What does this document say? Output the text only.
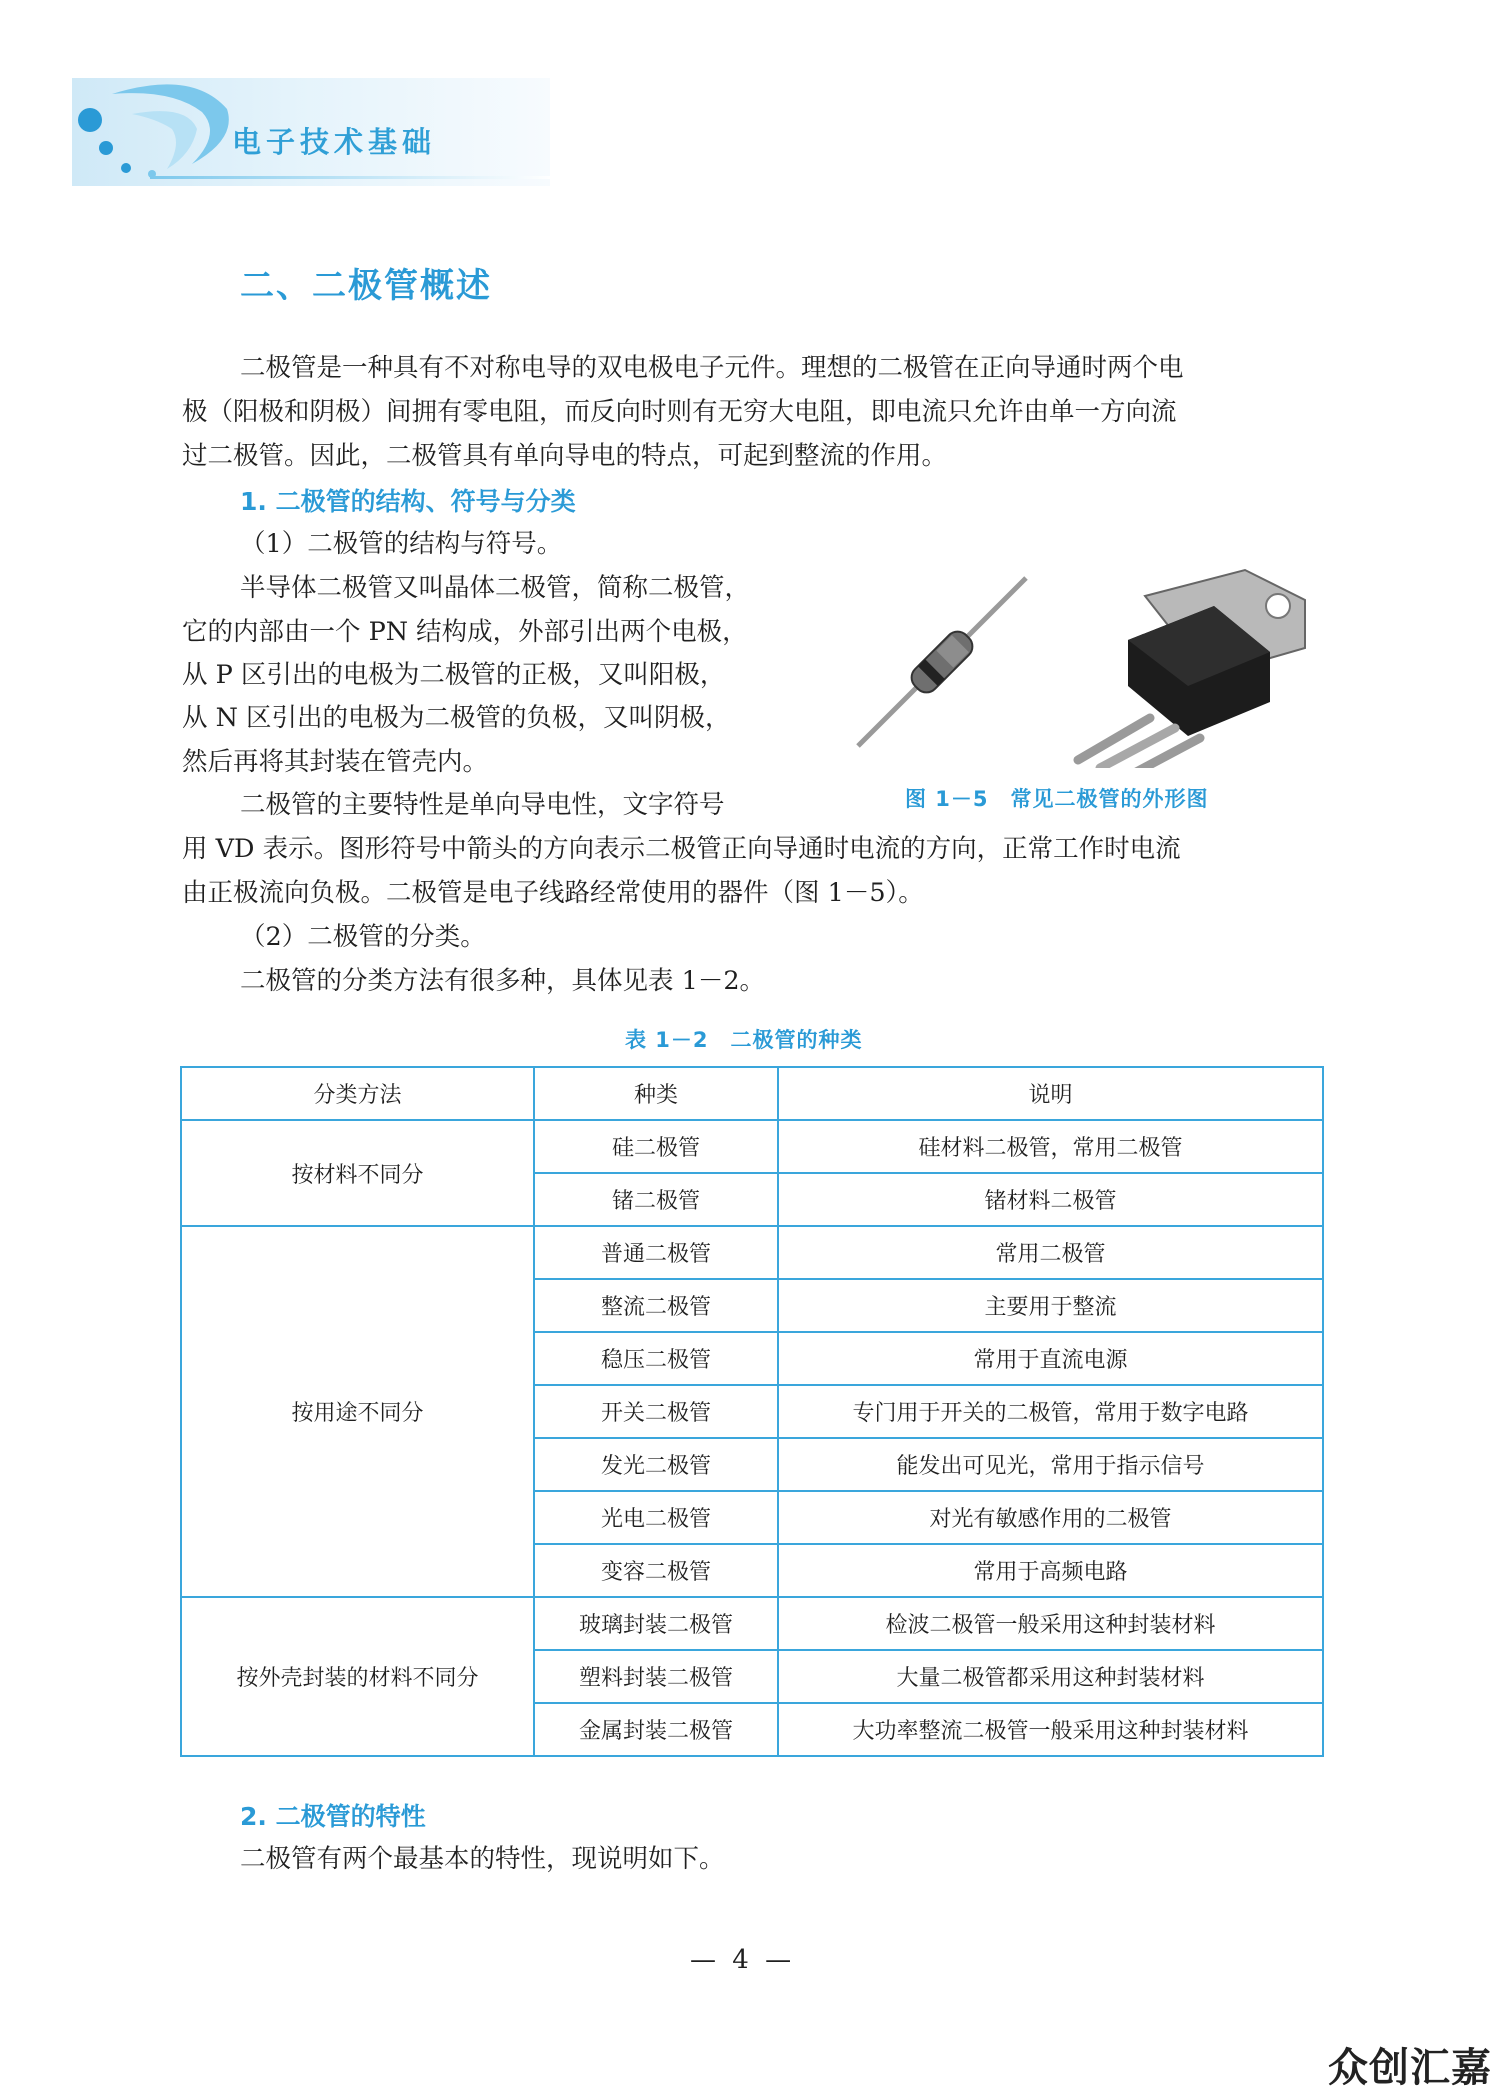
电子技术基础
二、二极管概述
二极管是一种具有不对称电导的双电极电子元件。理想的二极管在正向导通时两个电
极（阳极和阴极）间拥有零电阻，而反向时则有无穷大电阻，即电流只允许由单一方向流
过二极管。因此，二极管具有单向导电的特点，可起到整流的作用。
1. 二极管的结构、符号与分类
（1）二极管的结构与符号。
半导体二极管又叫晶体二极管，简称二极管，
它的内部由一个 PN 结构成，外部引出两个电极，
从 P 区引出的电极为二极管的正极，又叫阳极，
从 N 区引出的电极为二极管的负极，又叫阴极，
然后再将其封装在管壳内。
二极管的主要特性是单向导电性，文字符号
用 VD 表示。图形符号中箭头的方向表示二极管正向导通时电流的方向，正常工作时电流
由正极流向负极。二极管是电子线路经常使用的器件（图 1－5）。
图 1－5　常见二极管的外形图
（2）二极管的分类。
二极管的分类方法有很多种，具体见表 1－2。
表 1－2　二极管的种类
分类方法	种类	说明
按材料不同分	硅二极管	硅材料二极管，常用二极管
	锗二极管	锗材料二极管
按用途不同分	普通二极管	常用二极管
	整流二极管	主要用于整流
	稳压二极管	常用于直流电源
	开关二极管	专门用于开关的二极管，常用于数字电路
	发光二极管	能发出可见光，常用于指示信号
	光电二极管	对光有敏感作用的二极管
	变容二极管	常用于高频电路
按外壳封装的材料不同分	玻璃封装二极管	检波二极管一般采用这种封装材料
	塑料封装二极管	大量二极管都采用这种封装材料
	金属封装二极管	大功率整流二极管一般采用这种封装材料
2. 二极管的特性
二极管有两个最基本的特性，现说明如下。
— 4 —
众创汇嘉
